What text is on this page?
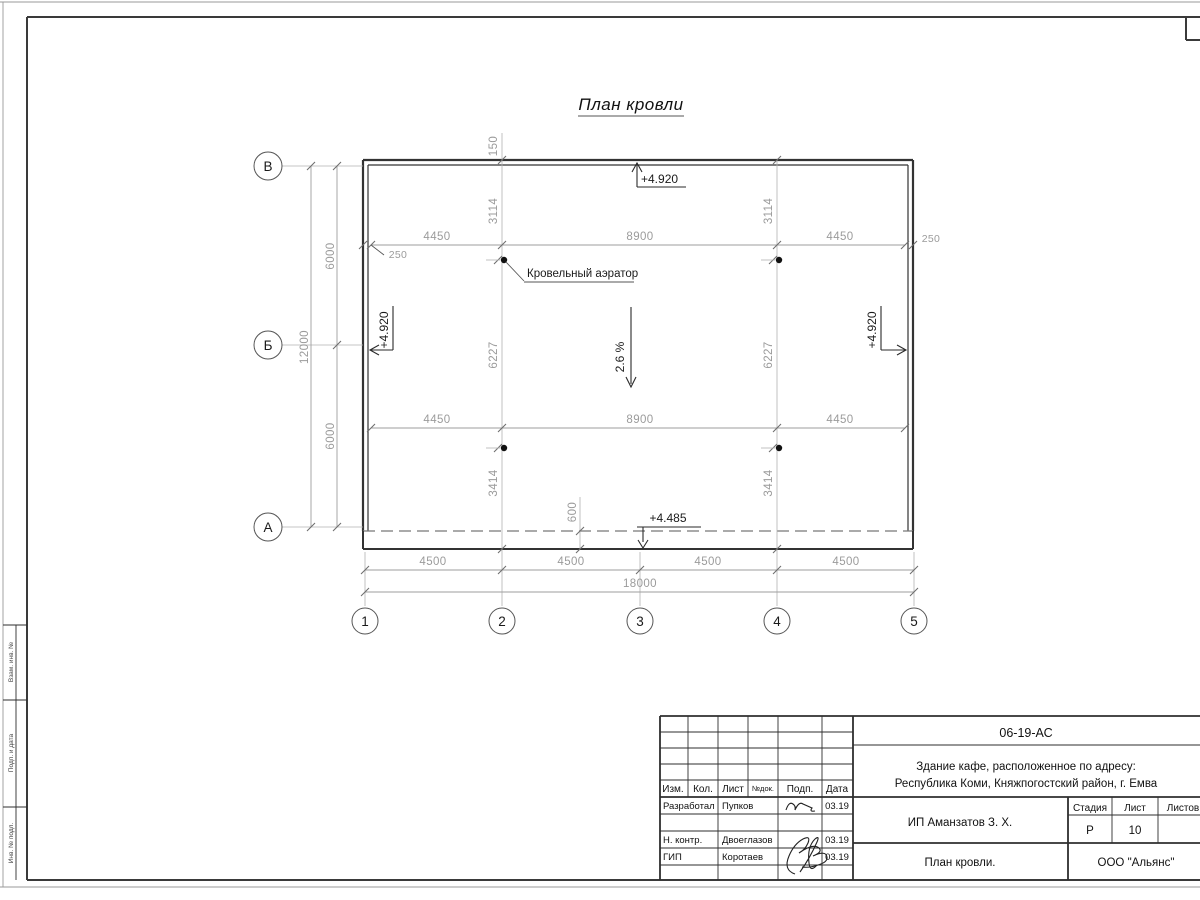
Взам. инв. №
Подп. и дата
Инв. № подл.
План кровли
Кровельный аэратор
4450	8900	4450
250
250
4450	8900	4450
4500	4500	4500	4500
18000
150
3114
6227
3414
3114
6227
3414
6000
6000
12000
600
+4.920
+4.920	+4.920
+4.485
2.6 %
В
Б
А
1	2	3	4	5
Изм. Кол. Лист №док. Подп. Дата
Разработал Пупков	03.19
Н. контр. Двоеглазов	03.19
ГИП	Коротаев	03.19
06-19-АС
Здание кафе, расположенное по адресу:
Республика Коми, Княжпогостский район, г. Емва
ИП Аманзатов З. Х.
Стадия Лист Листов
Р	10
План кровли.	ООО "Альянс"
